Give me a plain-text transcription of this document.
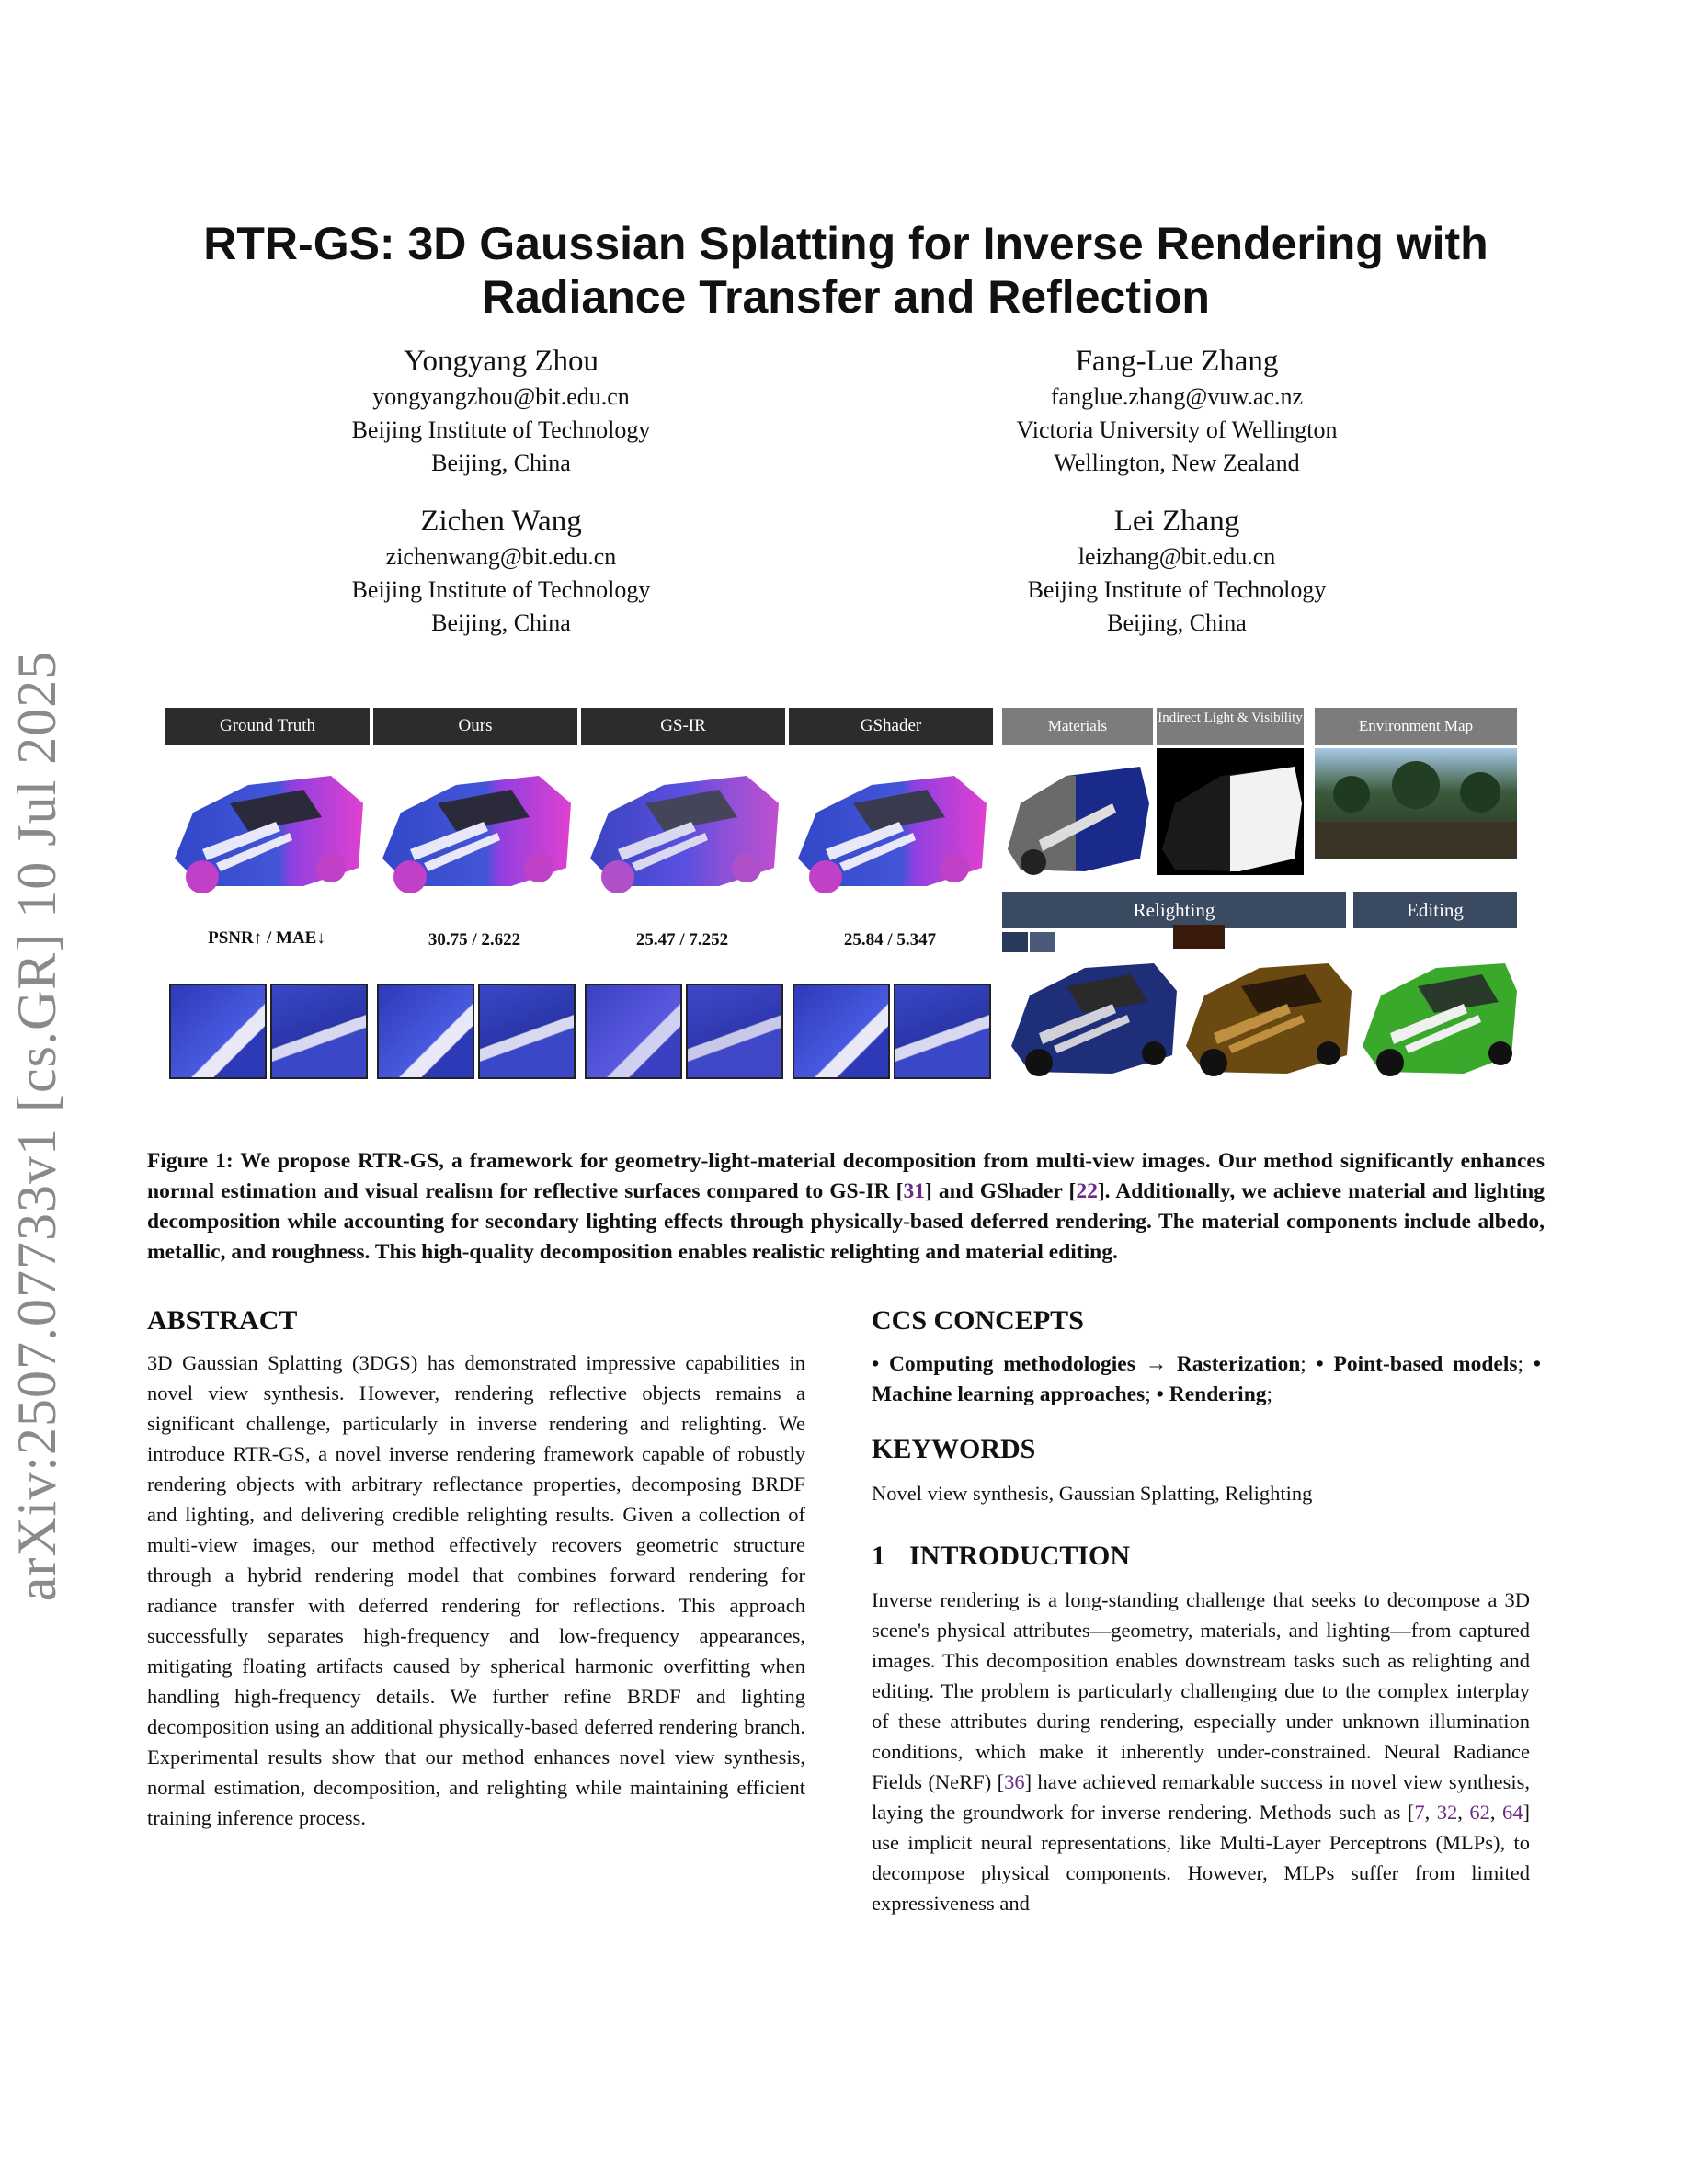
arXiv:2507.07733v1 [cs.GR] 10 Jul 2025
RTR-GS: 3D Gaussian Splatting for Inverse Rendering with
Radiance Transfer and Reflection
Yongyang Zhou
yongyangzhou@bit.edu.cn
Beijing Institute of Technology
Beijing, China
Fang-Lue Zhang
fanglue.zhang@vuw.ac.nz
Victoria University of Wellington
Wellington, New Zealand
Zichen Wang
zichenwang@bit.edu.cn
Beijing Institute of Technology
Beijing, China
Lei Zhang
leizhang@bit.edu.cn
Beijing Institute of Technology
Beijing, China
Ground Truth	Ours	GS-IR	GShader	Materials	Indirect Light & Visibility	Environment Map
PSNR↑ / MAE↓	30.75 / 2.622	25.47 / 7.252	25.84 / 5.347
Relighting	Editing
Figure 1: We propose RTR-GS, a framework for geometry-light-material decomposition from multi-view images. Our method significantly enhances normal estimation and visual realism for reflective surfaces compared to GS-IR [31] and GShader [22]. Additionally, we achieve material and lighting decomposition while accounting for secondary lighting effects through physically-based deferred rendering. The material components include albedo, metallic, and roughness. This high-quality decomposition enables realistic relighting and material editing.
ABSTRACT
3D Gaussian Splatting (3DGS) has demonstrated impressive capabilities in novel view synthesis. However, rendering reflective objects remains a significant challenge, particularly in inverse rendering and relighting. We introduce RTR-GS, a novel inverse rendering framework capable of robustly rendering objects with arbitrary reflectance properties, decomposing BRDF and lighting, and delivering credible relighting results. Given a collection of multi-view images, our method effectively recovers geometric structure through a hybrid rendering model that combines forward rendering for radiance transfer with deferred rendering for reflections. This approach successfully separates high-frequency and low-frequency appearances, mitigating floating artifacts caused by spherical harmonic overfitting when handling high-frequency details. We further refine BRDF and lighting decomposition using an additional physically-based deferred rendering branch. Experimental results show that our method enhances novel view synthesis, normal estimation, decomposition, and relighting while maintaining efficient training inference process.
CCS CONCEPTS
• Computing methodologies → Rasterization; • Point-based models; • Machine learning approaches; • Rendering;
KEYWORDS
Novel view synthesis, Gaussian Splatting, Relighting
1 INTRODUCTION
Inverse rendering is a long-standing challenge that seeks to decompose a 3D scene's physical attributes—geometry, materials, and lighting—from captured images. This decomposition enables downstream tasks such as relighting and editing. The problem is particularly challenging due to the complex interplay of these attributes during rendering, especially under unknown illumination conditions, which make it inherently under-constrained. Neural Radiance Fields (NeRF) [36] have achieved remarkable success in novel view synthesis, laying the groundwork for inverse rendering. Methods such as [7, 32, 62, 64] use implicit neural representations, like Multi-Layer Perceptrons (MLPs), to decompose physical components. However, MLPs suffer from limited expressiveness and
